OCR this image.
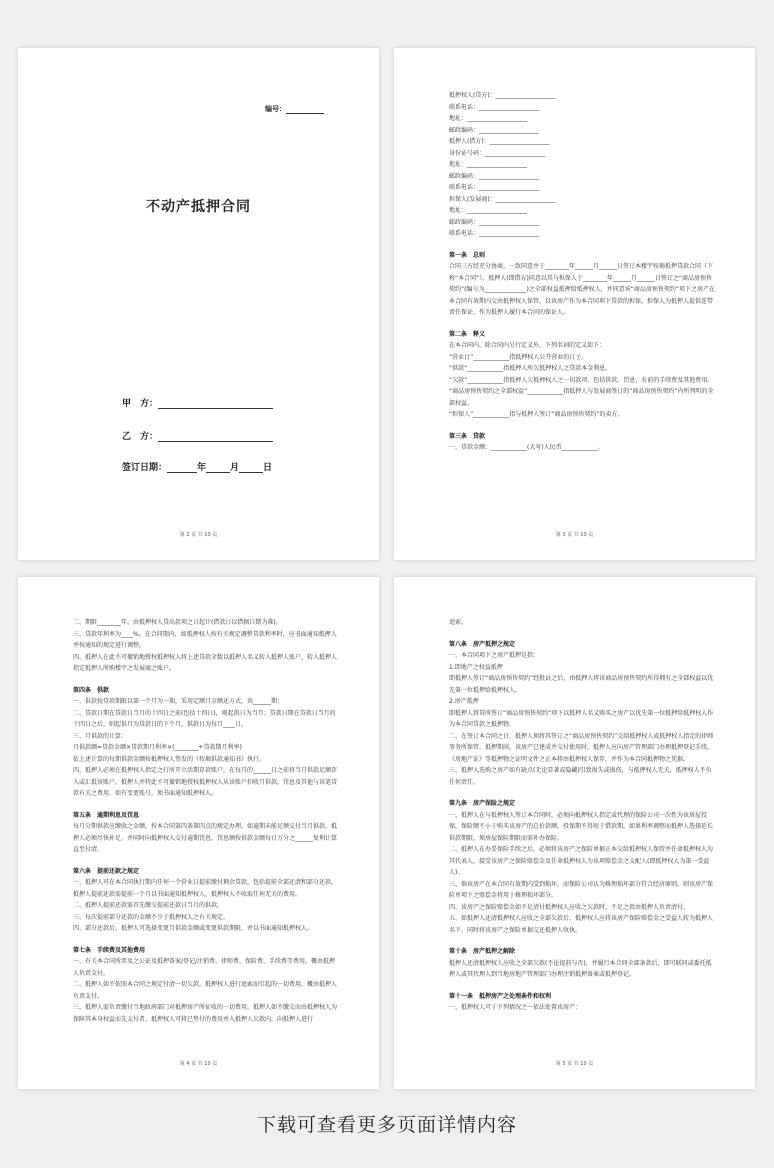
编号：
不动产抵押合同
甲　方：
乙　方：
签订日期：	年	月	日
第 2 页 共 10 页
抵押权人(贷方)：____________________
联系电话：____________________
地址：____________________
邮政编码：____________________
抵押人(借方)：____________________
身份证号码：____________________
地址：____________________
邮政编码：____________________
联系电话：____________________
担保人(发展商)：____________________
地址：____________________
邮政编码：____________________
联系电话：____________________
第一条　总则
合同三方经充分协商，一致同意并于________年______月______日签订本楼宇按揭抵押贷款合同（下称“本合同”）。抵押人(即借方)同意以其与担保人于________年______月______日签订之“商品房预售契约”(编号为______________)之全部权益抵押给抵押权人，并同意该“商品房预售契约”项下之房产在本合同有效期内交由抵押权人保管，以该房产作为本合同项下贷款的担保。担保人为抵押人提供连带责任保证，作为抵押人履行本合同的保证人。
第二条　释义
在本合同内，除合同内另行定义外，下列名词的定义如下：
“营业日”____________指抵押权人公开营业的日子。
“供款”____________指抵押人所欠抵押权人之贷款本金利息。
“欠款”____________指抵押人欠抵押权人之一切款项，包括供款、罚息、有前的手续费及其他费用。
“商品房预售契约之全部权益”____________指抵押人与发展商签订的“商品房预售契约”内所列明的全部权益。
“担保人”____________指与抵押人签订“商品房预售契约”的卖方。
第三条　贷款
一、贷款金额：____________(大写)人民币____________。
第 3 页 共 10 页
二、期限________年。由抵押权人贷出款项之日起计(借款日以借据日期为准)。
三、贷款年利率为____%。在合同期内，如抵押权人按有关规定调整贷款利率时，应书面通知抵押人并按通知的规定进行调整。
四、抵押人在此不可撤销地授权抵押权人将上述贷款全数以抵押人名义转入抵押人账户，转入抵押人指定抵押人所购楼宇之发展商之账户。
第四条　供款
一、供款按贷款期限以第一个月为一期，采用定额月金额还方式，共______期；
二、贷款日期在贷款日当月的十四日之前(包括十四日)，则起供日为当月；贷款日期在贷款日当月的十四日之后，则起供月为贷款日的下个月，供款日为每月____日。
三、月供款的计算：
月供款额=贷款金额×贷款期月利率×(________+贷款期月利率)
依上述计算的每期供款金额按抵押权人签发的《按揭供款通知书》执行。
四、抵押人必须在抵押权人指定之行所开立活期存款账户，在每月的______日之前将当月供款足额存入或汇抵该账户，抵押人并特此不可撤销地授权抵押权人从该账户扣收月供款、罚息及其他与该笔贷款有关之费用，如有变更账号，须书面通知抵押权人。
第五条　逾期利息及罚息
每月分期供款应缴收之金额，按本合同第四条第四点的规定办理。如逾期未能足额交付当月供款，抵押人必须尽快补足，并同时向抵押权人交付逾期罚息，罚息额按供款金额每日万分之______复利计算直至付清。
第六条　提前还款之规定
一、抵押人可在本合同执行期内任何一个营业日提前缴付剩余贷款，包括提前全部还清和部分还款。抵押人提前还款需提前一个月以书面通知抵押权人，抵押权人不收取任何无关的费用。
二、抵押人提前还款需首先缴交提前还款日当月的供款。
三、每次提前部分还款的金额不少于抵押权人之有关规定。
四、部分还款后，抵押人可选择变更月供款金额或变更供款期限，并以书面通知抵押权人。
第七条　手续费及其他费用
一、有关本合同所涉及之公证及抵押备案/登记/注销费、律师费、保险费、手续费等费用，概由抵押人负责支付。
二、抵押人如不依照本合同之规定付清一切欠款，抵押权人进行追索而引起的一切费用，概由抵押人负责支付。
三、抵押人需负责缴付当地政府部门对抵押房产所征收的一切费用。抵押人如不缴交而由抵押权人为保障其本身权益而先支付者，抵押权人可将已垫付的费用并入抵押人欠款内，向抵押人进行
第 4 页 共 10 页
追索。
第八条　房产抵押之规定
一、本合同项下之房产抵押是指：
1.即地产之权益抵押
即抵押人签订“商品房预售契约”经批证之后，由抵押人将该商品房预售契约所得拥有之全部权益以优先第一位抵押给抵押权人。
2.房产抵押
即抵押人将其所签订“商品房预售契约”项下以抵押人名义购买之房产以优先第一位抵押给抵押权人作为本合同贷款之抵押物。
二、在签订本合同之日，抵押人须将其签订之“商品房预售契约”交给抵押权人或抵押权人指定的律师事务所保管。抵押期间，该房产已建成并交付使用时，抵押人应向房产管理部门办理抵押登记手续，《房地产证》等抵押物之证明文件之正本将由抵押权人保存，并作为本合同抵押物之凭据。
三、抵押人选购之房产如有缺点(无论显著或隐藏)引致损失或损伤，与抵押权人无关，抵押权人不负任何责任。
第九条　房产保险之规定
一、抵押人在与抵押权人签订本合同时，必须向抵押权人指定或代理的保险公司一次性为该房屋投保，保险额不小于购买该房产的总价款额，投保期不得短于借款期，如果利率调整而抵押人选择延长供款期限，须房屋保险期限而需补办保险。
二、抵押人在办妥保险手续之后，必须将该房产之保险单据正本交给抵押权人保管并任命抵押权人为其代表人，接受该房产之保险赔偿金及任命抵押权人为该项赔偿金之支配人(即抵押权人为第一受益人)。
三、倘该房产在本合同有效期内受到损坏，而保险公司认为修理损坏部分符合经济原则，则该房产保险单项下之赔偿金将用于修理损坏部分。
四、该房产之保险赔偿金如不足清付抵押权人应收之欠款时，不足之款由抵押人负责清付。
五、如抵押人还清抵押权人应收之全部欠款后，抵押权人应将该房产保险赔偿金之受益人转为抵押人名下，同时将该房产之保险单据交还抵押人收执。
第十条　房产抵押之解除
抵押人还清抵押权人应收之全部欠款(不论提前与否)，并履行本合同全部条款后，即可联同或委托抵押人或其代理人到当地房地产管理部门办理注销抵押备案或抵押登记。
第十一条　抵押房产之处理条件和权利
一、抵押权人可于下列情况之一依法处置该房产：
第 5 页 共 10 页
下载可查看更多页面详情内容
